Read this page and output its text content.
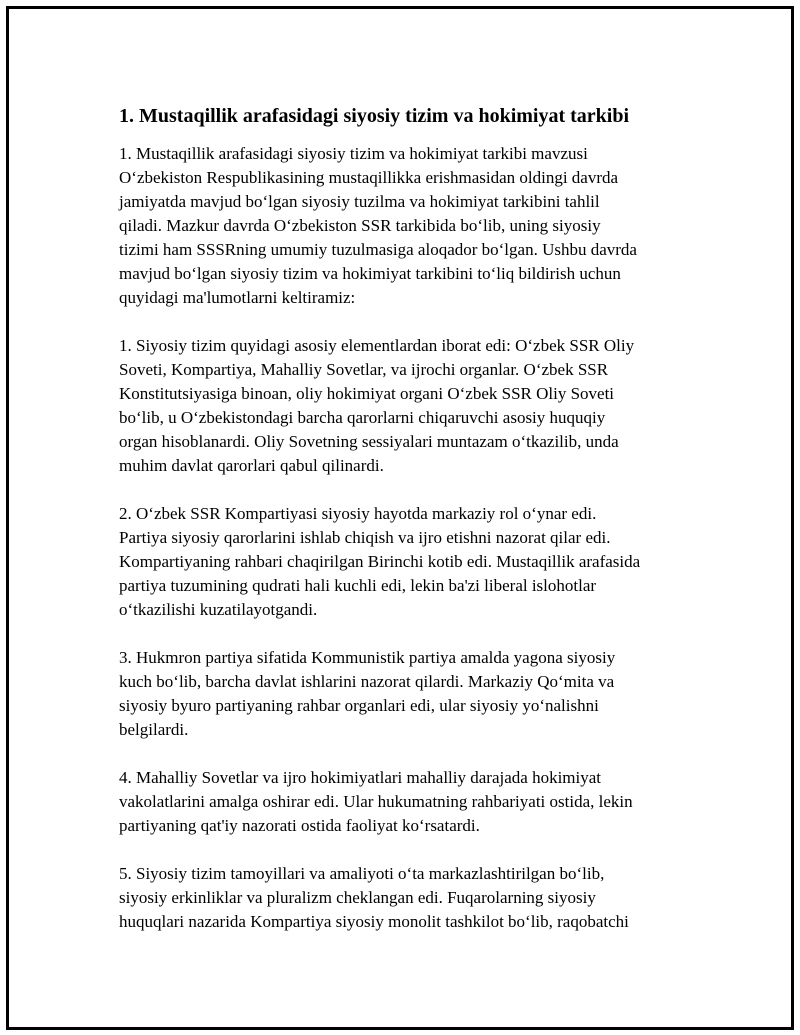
1. Mustaqillik arafasidagi siyosiy tizim va hokimiyat tarkibi

1. Mustaqillik arafasidagi siyosiy tizim va hokimiyat tarkibi mavzusi
O‘zbekiston Respublikasining mustaqillikka erishmasidan oldingi davrda
jamiyatda mavjud bo‘lgan siyosiy tuzilma va hokimiyat tarkibini tahlil
qiladi. Mazkur davrda O‘zbekiston SSR tarkibida bo‘lib, uning siyosiy
tizimi ham SSSRning umumiy tuzulmasiga aloqador bo‘lgan. Ushbu davrda
mavjud bo‘lgan siyosiy tizim va hokimiyat tarkibini to‘liq bildirish uchun
quyidagi ma'lumotlarni keltiramiz:

1. Siyosiy tizim quyidagi asosiy elementlardan iborat edi: O‘zbek SSR Oliy
Soveti, Kompartiya, Mahalliy Sovetlar, va ijrochi organlar. O‘zbek SSR
Konstitutsiyasiga binoan, oliy hokimiyat organi O‘zbek SSR Oliy Soveti
bo‘lib, u O‘zbekistondagi barcha qarorlarni chiqaruvchi asosiy huquqiy
organ hisoblanardi. Oliy Sovetning sessiyalari muntazam o‘tkazilib, unda
muhim davlat qarorlari qabul qilinardi.

2. O‘zbek SSR Kompartiyasi siyosiy hayotda markaziy rol o‘ynar edi.
Partiya siyosiy qarorlarini ishlab chiqish va ijro etishni nazorat qilar edi.
Kompartiyaning rahbari chaqirilgan Birinchi kotib edi. Mustaqillik arafasida
partiya tuzumining qudrati hali kuchli edi, lekin ba'zi liberal islohotlar
o‘tkazilishi kuzatilayotgandi.

3. Hukmron partiya sifatida Kommunistik partiya amalda yagona siyosiy
kuch bo‘lib, barcha davlat ishlarini nazorat qilardi. Markaziy Qo‘mita va
siyosiy byuro partiyaning rahbar organlari edi, ular siyosiy yo‘nalishni
belgilardi.

4. Mahalliy Sovetlar va ijro hokimiyatlari mahalliy darajada hokimiyat
vakolatlarini amalga oshirar edi. Ular hukumatning rahbariyati ostida, lekin
partiyaning qat'iy nazorati ostida faoliyat ko‘rsatardi.

5. Siyosiy tizim tamoyillari va amaliyoti o‘ta markazlashtirilgan bo‘lib,
siyosiy erkinliklar va pluralizm cheklangan edi. Fuqarolarning siyosiy
huquqlari nazarida Kompartiya siyosiy monolit tashkilot bo‘lib, raqobatchi
